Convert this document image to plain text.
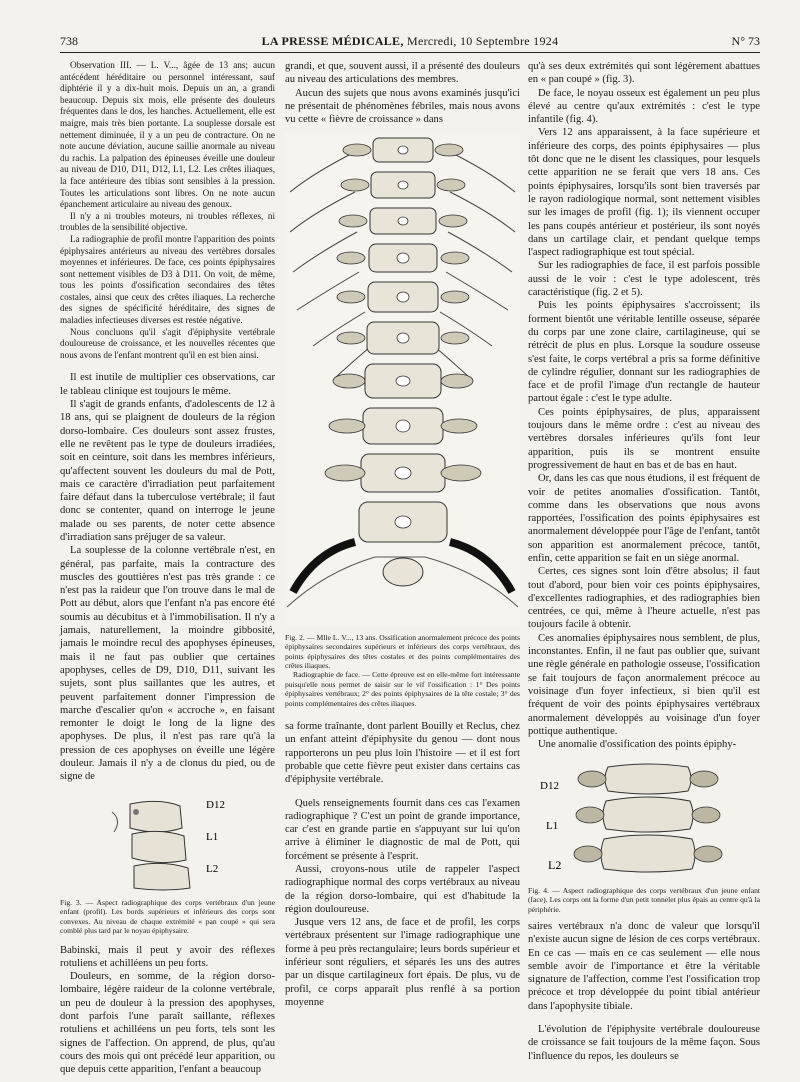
738	LA PRESSE MÉDICALE, Mercredi, 10 Septembre 1924	N° 73

Observation III. — L. V..., âgée de 13 ans; aucun antécédent héréditaire ou personnel intéressant, sauf diphtérie il y a dix-huit mois. Depuis un an, a grandi beaucoup. Depuis six mois, elle présente des douleurs fréquentes dans le dos, les hanches. Actuellement, elle est maigre, mais très bien portante. La souplesse dorsale est nettement diminuée, il y a un peu de contracture. On ne note aucune déviation, aucune saillie anormale au niveau du rachis. La palpation des épineuses éveille une douleur au niveau de D10, D11, D12, L1, L2. Les crêtes iliaques, la face antérieure des tibias sont sensibles à la pression. Toutes les articulations sont libres. On ne note aucun épanchement articulaire au niveau des genoux.

Il n'y a ni troubles moteurs, ni troubles réflexes, ni troubles de la sensibilité objective.

La radiographie de profil montre l'apparition des points épiphysaires antérieurs au niveau des vertèbres dorsales moyennes et inférieures. De face, ces points épiphysaires sont nettement visibles de D3 à D11. On voit, de même, tous les points d'ossification secondaires des têtes costales, ainsi que ceux des crêtes iliaques. La recherche des signes de spécificité héréditaire, des signes de maladies infectieuses diverses est restée négative.

Nous concluons qu'il s'agit d'épiphysite vertébrale douloureuse de croissance, et les nouvelles récentes que nous avons de l'enfant montrent qu'il en est bien ainsi.

Il est inutile de multiplier ces observations, car le tableau clinique est toujours le même.

Il s'agit de grands enfants, d'adolescents de 12 à 18 ans, qui se plaignent de douleurs de la région dorso-lombaire. Ces douleurs sont assez frustes, elle ne revêtent pas le type de douleurs irradiées, soit en ceinture, soit dans les membres inférieurs, qu'affectent souvent les douleurs du mal de Pott, mais ce caractère d'irradiation peut parfaitement faire défaut dans la tuberculose vertébrale; il faut donc se contenter, quand on interroge le jeune malade ou ses parents, de noter cette absence d'irradiation sans préjuger de sa valeur.

La souplesse de la colonne vertébrale n'est, en général, pas parfaite, mais la contracture des muscles des gouttières n'est pas très grande : ce n'est pas la raideur que l'on trouve dans le mal de Pott au début, alors que l'enfant n'a pas encore été soumis au décubitus et à l'immobilisation. Il n'y a jamais, naturellement, la moindre gibbosité, jamais le moindre recul des apophyses épineuses, mais il ne faut pas oublier que certaines apophyses, celles de D9, D10, D11, suivant les sujets, sont plus saillantes que les autres, et peuvent parfaitement donner l'impression de marche d'escalier qu'on « accroche », en faisant remonter le doigt le long de la ligne des apophyses. De plus, il n'est pas rare qu'à la pression de ces apophyses on éveille une légère douleur. Jamais il n'y a de clonus du pied, ou de signe de

D12
L1
L2

Fig. 3. — Aspect radiographique des corps vertébraux d'un jeune enfant (profil). Les bords supérieurs et inférieurs des corps sont convexes. Au niveau de chaque extrémité « pan coupé » qui sera comblé plus tard par le noyau épiphysaire.

Babinski, mais il peut y avoir des réflexes rotuliens et achilléens un peu forts.

Douleurs, en somme, de la région dorso-lombaire, légère raideur de la colonne vertébrale, un peu de douleur à la pression des apophyses, dont parfois l'une paraît saillante, réflexes rotuliens et achilléens un peu forts, tels sont les signes de l'affection. On apprend, de plus, qu'au cours des mois qui ont précédé leur apparition, ou que depuis cette apparition, l'enfant a beaucoup

grandi, et que, souvent aussi, il a présenté des douleurs au niveau des articulations des membres.

Aucun des sujets que nous avons examinés jusqu'ici ne présentait de phénomènes fébriles, mais nous avons vu cette « fièvre de croissance » dans

Fig. 2. — Mlle L. V..., 13 ans. Ossification anormalement précoce des points épiphysaires secondaires supérieurs et inférieurs des corps vertébraux, des points épiphysaires des têtes costales et des points complémentaires des crêtes iliaques.

Radiographie de face. — Cette épreuve est en elle-même fort intéressante puisqu'elle nous permet de saisir sur le vif l'ossification : 1° Des points épiphysaires vertébraux; 2° des points épiphysaires de la tête costale; 3° des points complémentaires des crêtes iliaques.

sa forme traînante, dont parlent Bouilly et Reclus, chez un enfant atteint d'épiphysite du genou — dont nous rapporterons un peu plus loin l'histoire — et il est fort probable que cette fièvre peut exister dans certains cas d'épiphysite vertébrale.

Quels renseignements fournit dans ces cas l'examen radiographique ? C'est un point de grande importance, car c'est en grande partie en s'appuyant sur lui qu'on arrive à éliminer le diagnostic de mal de Pott, qui forcément se présente à l'esprit.

Aussi, croyons-nous utile de rappeler l'aspect radiographique normal des corps vertébraux au niveau de la région dorso-lombaire, qui est d'habitude la région douloureuse.

Jusque vers 12 ans, de face et de profil, les corps vertébraux présentent sur l'image radiographique une forme à peu près rectangulaire; leurs bords supérieur et inférieur sont réguliers, et séparés les uns des autres par un disque cartilagineux fort épais. De plus, vu de profil, ce corps apparaît plus renflé à sa portion moyenne

qu'à ses deux extrémités qui sont légèrement abattues en « pan coupé » (fig. 3).

De face, le noyau osseux est également un peu plus élevé au centre qu'aux extrémités : c'est le type infantile (fig. 4).

Vers 12 ans apparaissent, à la face supérieure et inférieure des corps, des points épiphysaires — plus tôt donc que ne le disent les classiques, pour lesquels cette apparition ne se ferait que vers 18 ans. Ces points épiphysaires, lorsqu'ils sont bien traversés par le rayon radiologique normal, sont nettement visibles sur les images de profil (fig. 1); ils viennent occuper les pans coupés antérieur et postérieur, ils sont noyés dans un cartilage clair, et pendant quelque temps l'aspect radiographique est tout spécial.

Sur les radiographies de face, il est parfois possible aussi de le voir : c'est le type adolescent, très caractéristique (fig. 2 et 5).

Puis les points épiphysaires s'accroissent; ils forment bientôt une véritable lentille osseuse, séparée du corps par une zone claire, cartilagineuse, qui se rétrécit de plus en plus. Lorsque la soudure osseuse s'est faite, le corps vertébral a pris sa forme définitive de cylindre régulier, donnant sur les radiographies de face et de profil l'image d'un rectangle de hauteur partout égale : c'est le type adulte.

Ces points épiphysaires, de plus, apparaissent toujours dans le même ordre : c'est au niveau des vertèbres dorsales inférieures qu'ils font leur apparition, puis ils se montrent ensuite progressivement de haut en bas et de bas en haut.

Or, dans les cas que nous étudions, il est fréquent de voir de petites anomalies d'ossification. Tantôt, comme dans les observations que nous avons rapportées, l'ossification des points épiphysaires est anormalement développée pour l'âge de l'enfant, tantôt son apparition est anormalement précoce, tantôt, enfin, cette apparition se fait en un siège anormal.

Certes, ces signes sont loin d'être absolus; il faut tout d'abord, pour bien voir ces points épiphysaires, d'excellentes radiographies, et des radiographies bien centrées, ce qui, même à l'heure actuelle, n'est pas toujours facile à obtenir.

Ces anomalies épiphysaires nous semblent, de plus, inconstantes. Enfin, il ne faut pas oublier que, suivant une règle générale en pathologie osseuse, l'ossification se fait toujours de façon anormalement précoce au voisinage d'un foyer infectieux, si bien qu'il est fréquent de voir des points épiphysaires vertébraux anormalement développés au voisinage d'un foyer pottique authentique.

Une anomalie d'ossification des points épiphy-

D12
L1
L2

Fig. 4. — Aspect radiographique des corps vertébraux d'un jeune enfant (face). Les corps ont la forme d'un petit tonnelet plus épais au centre qu'à la périphérie.

saires vertébraux n'a donc de valeur que lorsqu'il n'existe aucun signe de lésion de ces corps vertébraux. En ce cas — mais en ce cas seulement — elle nous semble avoir de l'importance et être la véritable signature de l'affection, comme l'est l'ossification trop précoce et trop développée du point tibial antérieur dans l'apophysite tibiale.

L'évolution de l'épiphysite vertébrale douloureuse de croissance se fait toujours de la même façon. Sous l'influence du repos, les douleurs se
